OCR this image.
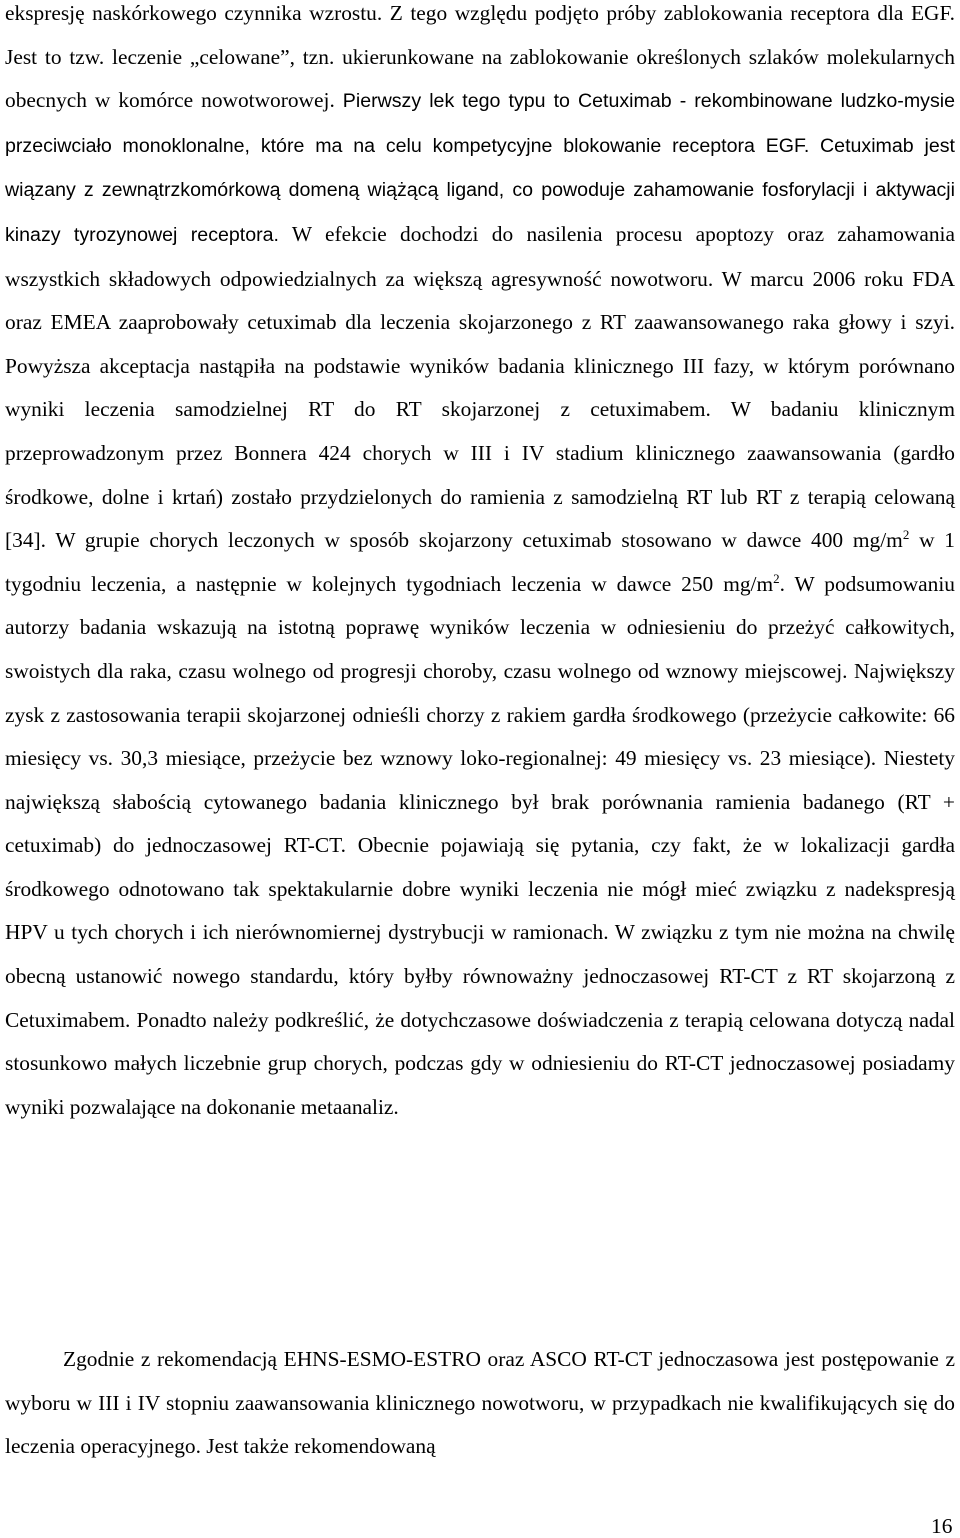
ekspresję naskórkowego czynnika wzrostu. Z tego względu podjęto próby zablokowania receptora dla EGF. Jest to tzw. leczenie „celowane”, tzn. ukierunkowane na zablokowanie określonych szlaków molekularnych obecnych w komórce nowotworowej. Pierwszy lek tego typu to Cetuximab - rekombinowane ludzko-mysie przeciwciało monoklonalne, które ma na celu kompetycyjne blokowanie receptora EGF. Cetuximab jest wiązany z zewnątrzkomórkową domeną wiążącą ligand, co powoduje zahamowanie fosforylacji i aktywacji kinazy tyrozynowej receptora. W efekcie dochodzi do nasilenia procesu apoptozy oraz zahamowania wszystkich składowych odpowiedzialnych za większą agresywność nowotworu. W marcu 2006 roku FDA oraz EMEA zaaprobowały cetuximab dla leczenia skojarzonego z RT zaawansowanego raka głowy i szyi. Powyższa akceptacja nastąpiła na podstawie wyników badania klinicznego III fazy, w którym porównano wyniki leczenia samodzielnej RT do RT skojarzonej z cetuximabem. W badaniu klinicznym przeprowadzonym przez Bonnera 424 chorych w III i IV stadium klinicznego zaawansowania (gardło środkowe, dolne i krtań) zostało przydzielonych do ramienia z samodzielną RT lub RT z terapią celowaną [34]. W grupie chorych leczonych w sposób skojarzony cetuximab stosowano w dawce 400 $mg/m^2$ w 1 tygodniu leczenia, a następnie w kolejnych tygodniach leczenia w dawce 250 $mg/m^2$. W podsumowaniu autorzy badania wskazują na istotną poprawę wyników leczenia w odniesieniu do przeżyć całkowitych, swoistych dla raka, czasu wolnego od progresji choroby, czasu wolnego od wznowy miejscowej. Największy zysk z zastosowania terapii skojarzonej odnieśli chorzy z rakiem gardła środkowego (przeżycie całkowite: 66 miesięcy vs. 30,3 miesiące, przeżycie bez wznowy loko-regionalnej: 49 miesięcy vs. 23 miesiące). Niestety największą słabością cytowanego badania klinicznego był brak porównania ramienia badanego (RT + cetuximab) do jednoczasowej RT-CT. Obecnie pojawiają się pytania, czy fakt, że w lokalizacji gardła środkowego odnotowano tak spektakularnie dobre wyniki leczenia nie mógł mieć związku z nadekspresją HPV u tych chorych i ich nierównomiernej dystrybucji w ramionach. W związku z tym nie można na chwilę obecną ustanowić nowego standardu, który byłby równoważny jednoczasowej RT-CT z RT skojarzoną z Cetuximabem. Ponadto należy podkreślić, że dotychczasowe doświadczenia z terapią celowana dotyczą nadal stosunkowo małych liczebnie grup chorych, podczas gdy w odniesieniu do RT-CT jednoczasowej posiadamy wyniki pozwalające na dokonanie metaanaliz.

Zgodnie z rekomendacją EHNS-ESMO-ESTRO oraz ASCO RT-CT jednoczasowa jest postępowanie z wyboru w III i IV stopniu zaawansowania klinicznego nowotworu, w przypadkach nie kwalifikujących się do leczenia operacyjnego. Jest także rekomendowaną

16
